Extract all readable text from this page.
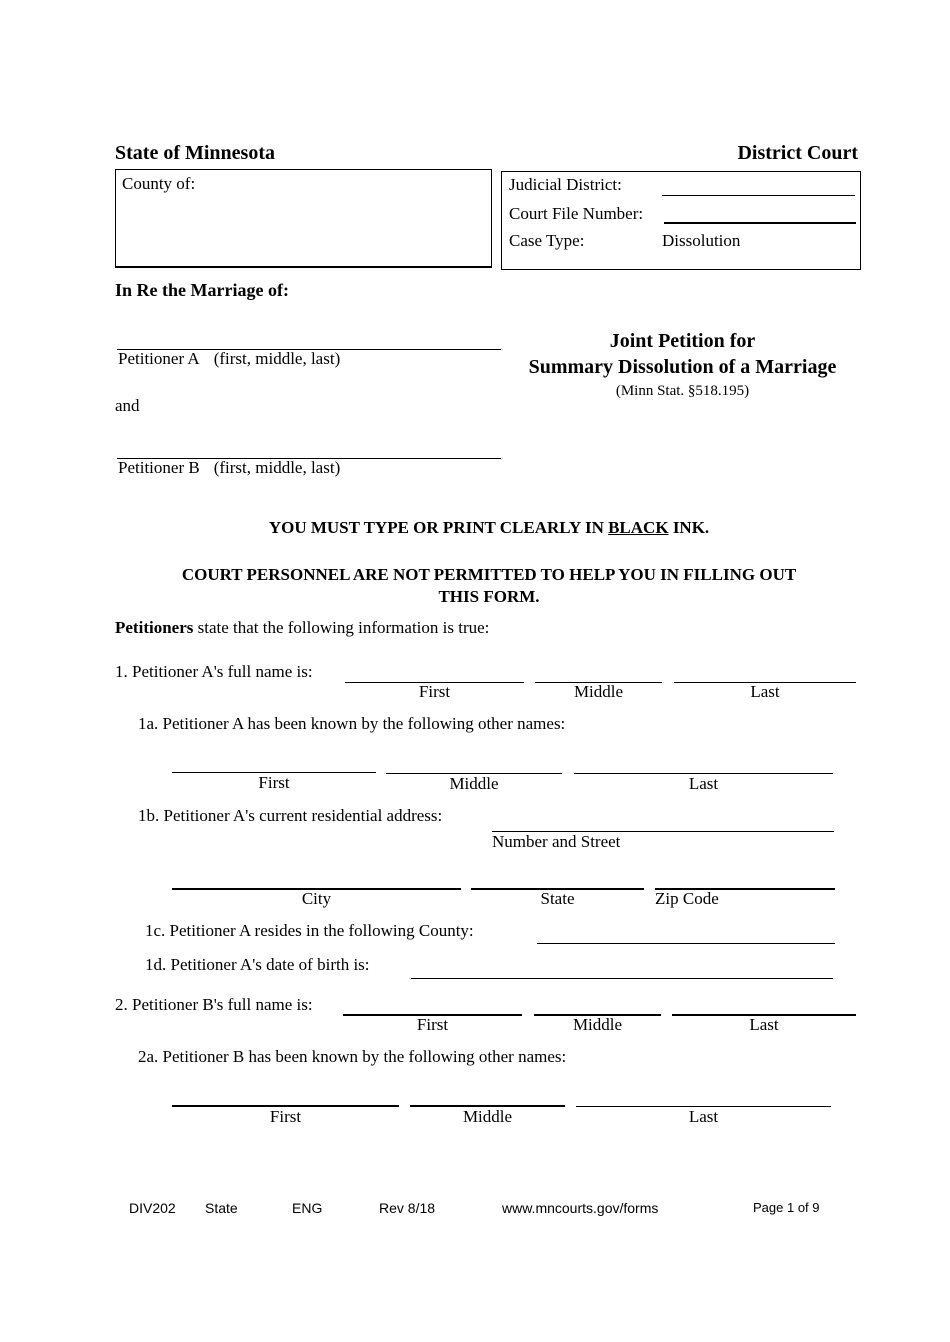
State of Minnesota	District Court
County of:	Judicial District:
Court File Number:
Case Type:	Dissolution
In Re the Marriage of:
Petitioner A (first, middle, last)
and
Petitioner B (first, middle, last)
Joint Petition for
Summary Dissolution of a Marriage
(Minn Stat. §518.195)
YOU MUST TYPE OR PRINT CLEARLY IN BLACK INK.
COURT PERSONNEL ARE NOT PERMITTED TO HELP YOU IN FILLING OUT
THIS FORM.
Petitioners state that the following information is true:
1. Petitioner A's full name is:
First	Middle	Last
1a. Petitioner A has been known by the following other names:
First	Middle	Last
1b. Petitioner A's current residential address:
Number and Street
City	State	Zip Code
1c. Petitioner A resides in the following County:
1d. Petitioner A's date of birth is:
2. Petitioner B's full name is:
First	Middle	Last
2a. Petitioner B has been known by the following other names:
First	Middle	Last
DIV202 State	ENG	Rev 8/18	www.mncourts.gov/forms	Page 1 of 9
